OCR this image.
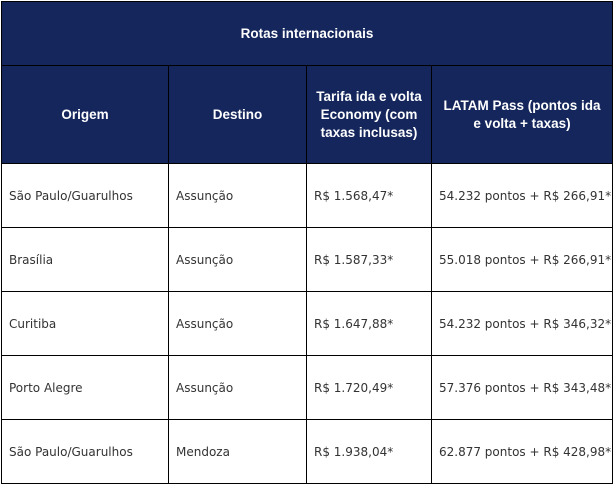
Rotas internacionais			
Origem	Destino	Tarifa ida e volta Economy (com taxas inclusas)	LATAM Pass (pontos ida e volta + taxas)
São Paulo/Guarulhos	Assunção	R$ 1.568,47*	54.232 pontos + R$ 266,91*
Brasília	Assunção	R$ 1.587,33*	55.018 pontos + R$ 266,91*
Curitiba	Assunção	R$ 1.647,88*	54.232 pontos + R$ 346,32*
Porto Alegre	Assunção	R$ 1.720,49*	57.376 pontos + R$ 343,48*
São Paulo/Guarulhos	Mendoza	R$ 1.938,04*	62.877 pontos + R$ 428,98*
